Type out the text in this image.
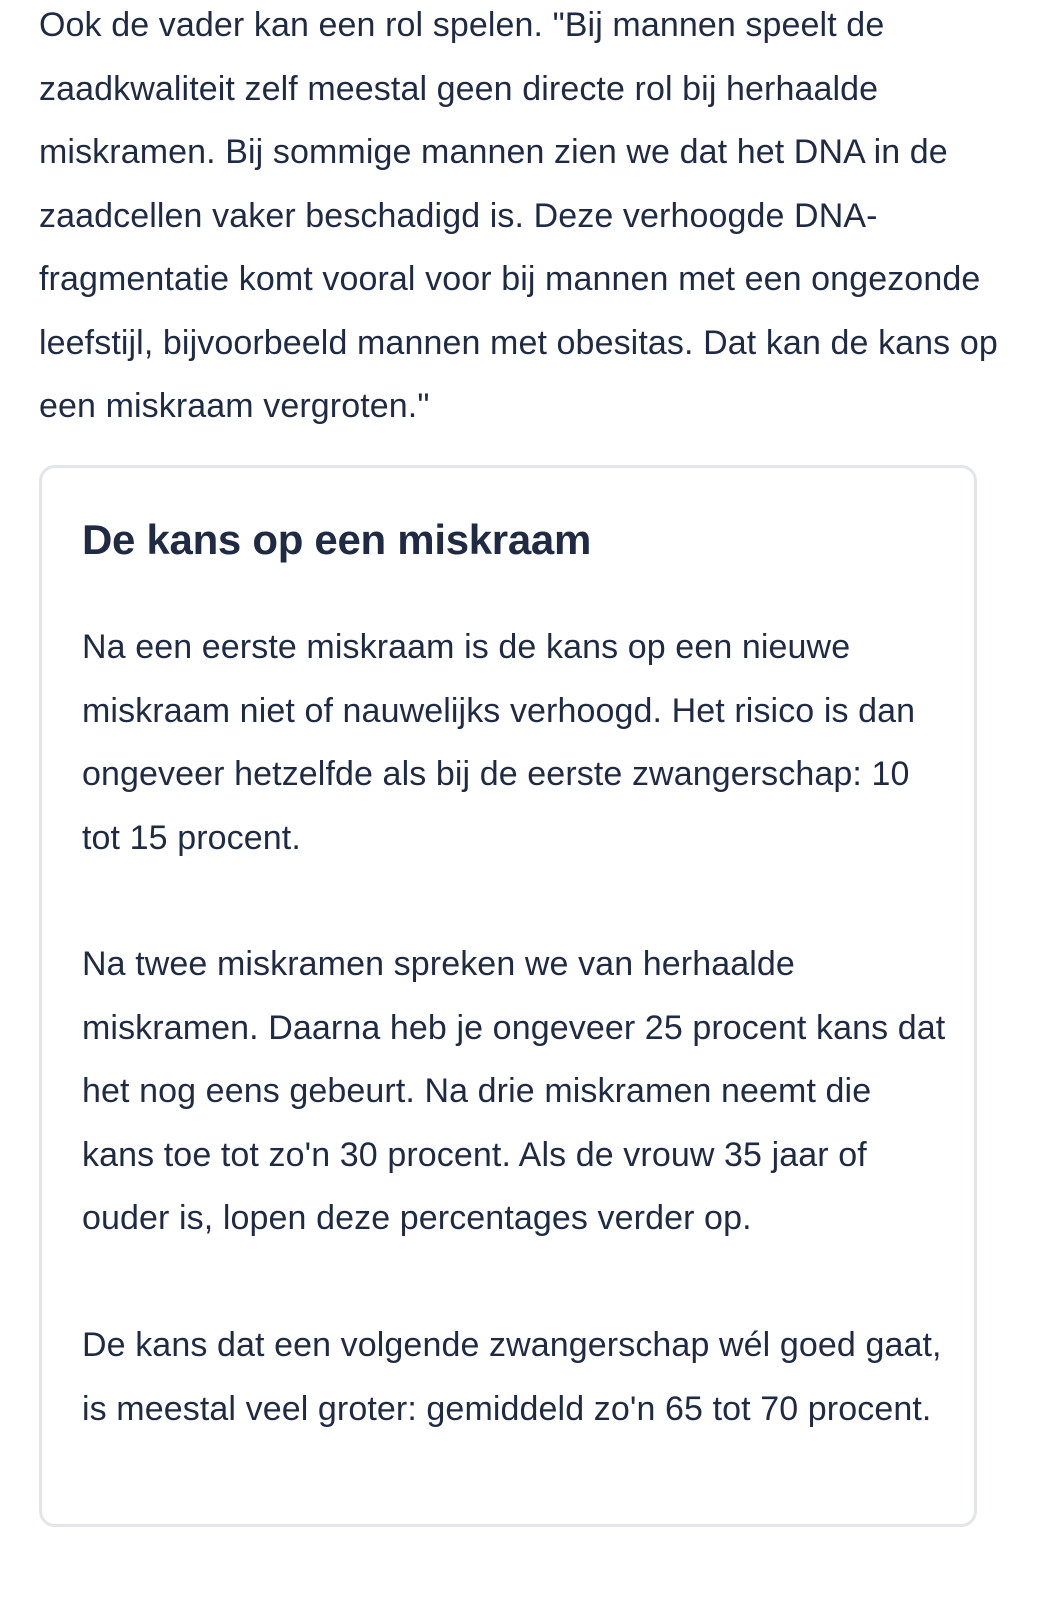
Ook de vader kan een rol spelen. "Bij mannen speelt de zaadkwaliteit zelf meestal geen directe rol bij herhaalde miskramen. Bij sommige mannen zien we dat het DNA in de zaadcellen vaker beschadigd is. Deze verhoogde DNA-fragmentatie komt vooral voor bij mannen met een ongezonde leefstijl, bijvoorbeeld mannen met obesitas. Dat kan de kans op een miskraam vergroten."

De kans op een miskraam

Na een eerste miskraam is de kans op een nieuwe miskraam niet of nauwelijks verhoogd. Het risico is dan ongeveer hetzelfde als bij de eerste zwangerschap: 10 tot 15 procent.

Na twee miskramen spreken we van herhaalde miskramen. Daarna heb je ongeveer 25 procent kans dat het nog eens gebeurt. Na drie miskramen neemt die kans toe tot zo'n 30 procent. Als de vrouw 35 jaar of ouder is, lopen deze percentages verder op.

De kans dat een volgende zwangerschap wél goed gaat, is meestal veel groter: gemiddeld zo'n 65 tot 70 procent.
